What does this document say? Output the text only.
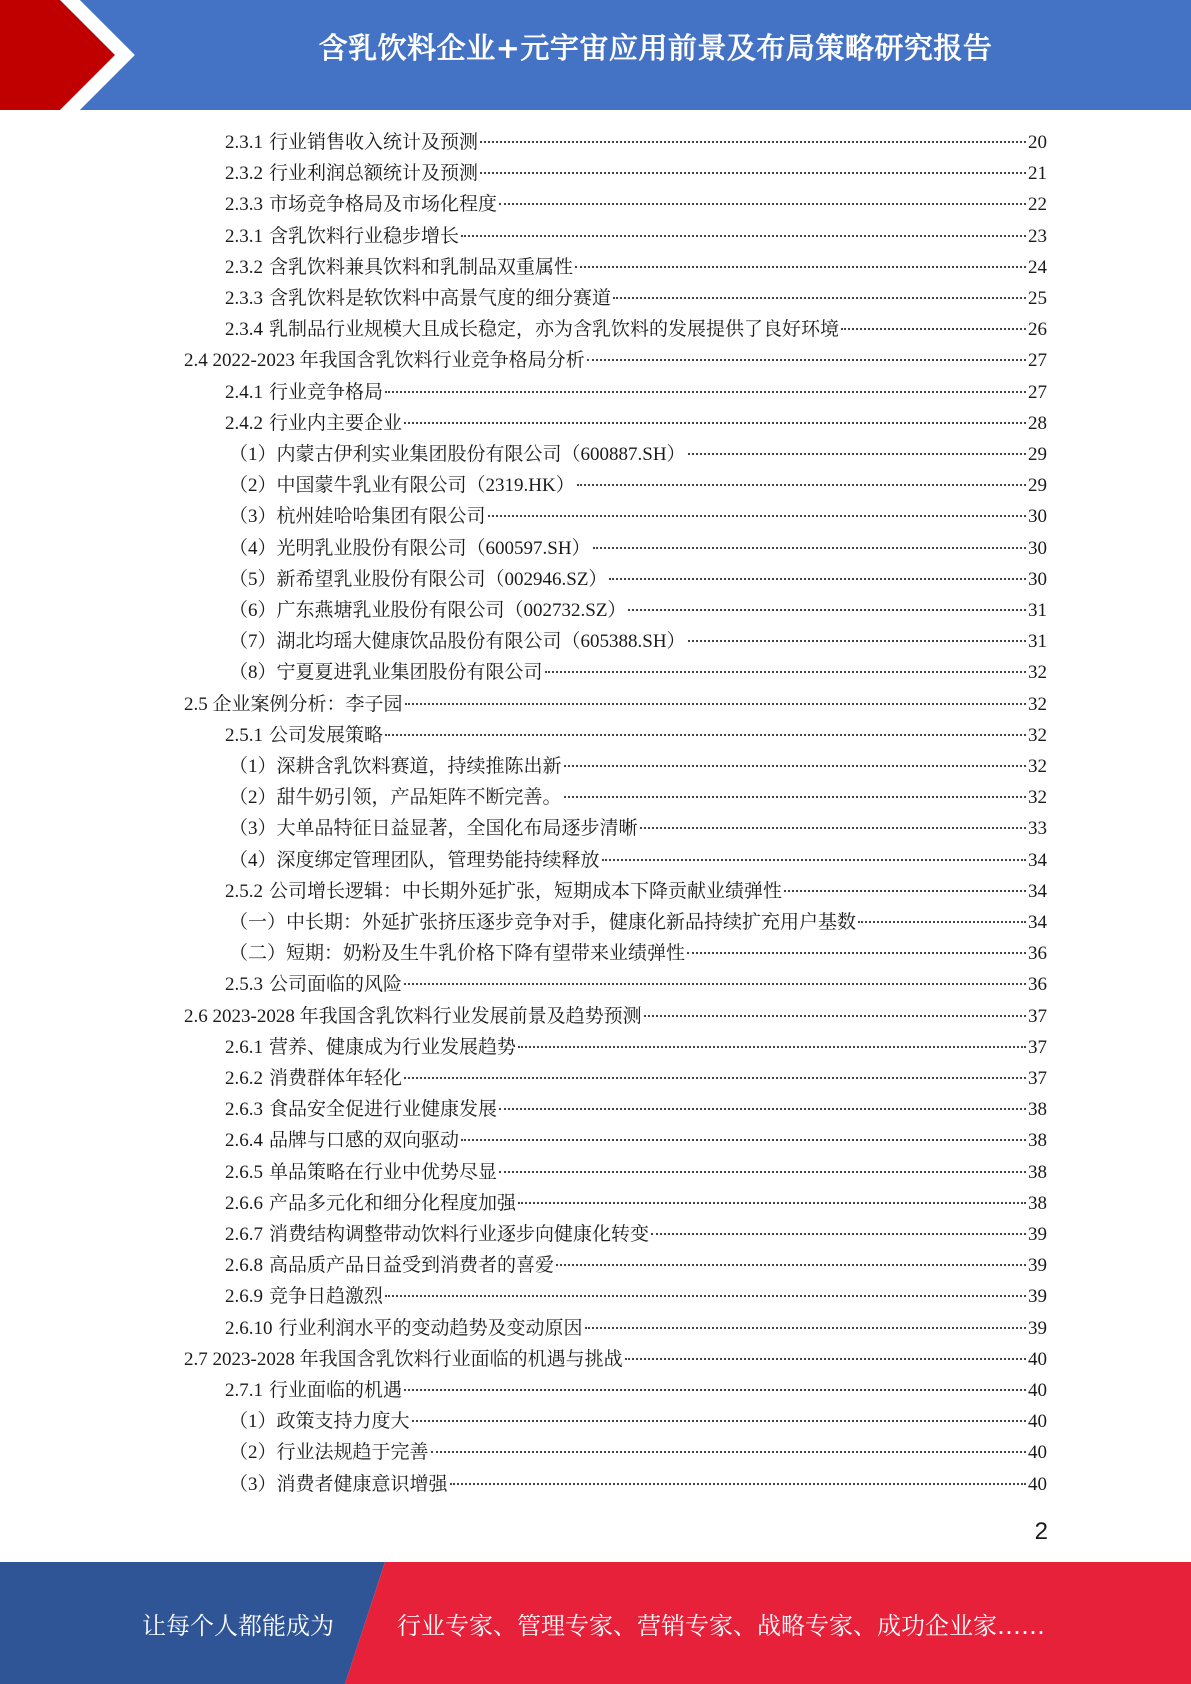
含乳饮料企业+元宇宙应用前景及布局策略研究报告
2.3.1 行业销售收入统计及预测	20
2.3.2 行业利润总额统计及预测	21
2.3.3 市场竞争格局及市场化程度	22
2.3.1 含乳饮料行业稳步增长	23
2.3.2 含乳饮料兼具饮料和乳制品双重属性	24
2.3.3 含乳饮料是软饮料中高景气度的细分赛道	25
2.3.4 乳制品行业规模大且成长稳定，亦为含乳饮料的发展提供了良好环境	26
2.4 2022-2023 年我国含乳饮料行业竞争格局分析	27
2.4.1 行业竞争格局	27
2.4.2 行业内主要企业	28
（1）内蒙古伊利实业集团股份有限公司（600887.SH）	29
（2）中国蒙牛乳业有限公司（2319.HK）	29
（3）杭州娃哈哈集团有限公司	30
（4）光明乳业股份有限公司（600597.SH）	30
（5）新希望乳业股份有限公司（002946.SZ）	30
（6）广东燕塘乳业股份有限公司（002732.SZ）	31
（7）湖北均瑶大健康饮品股份有限公司（605388.SH）	31
（8）宁夏夏进乳业集团股份有限公司	32
2.5 企业案例分析：李子园	32
2.5.1 公司发展策略	32
（1）深耕含乳饮料赛道，持续推陈出新	32
（2）甜牛奶引领，产品矩阵不断完善。	32
（3）大单品特征日益显著，全国化布局逐步清晰	33
（4）深度绑定管理团队，管理势能持续释放	34
2.5.2 公司增长逻辑：中长期外延扩张，短期成本下降贡献业绩弹性	34
（一）中长期：外延扩张挤压逐步竞争对手，健康化新品持续扩充用户基数	34
（二）短期：奶粉及生牛乳价格下降有望带来业绩弹性	36
2.5.3 公司面临的风险	36
2.6 2023-2028 年我国含乳饮料行业发展前景及趋势预测	37
2.6.1 营养、健康成为行业发展趋势	37
2.6.2 消费群体年轻化	37
2.6.3 食品安全促进行业健康发展	38
2.6.4 品牌与口感的双向驱动	38
2.6.5 单品策略在行业中优势尽显	38
2.6.6 产品多元化和细分化程度加强	38
2.6.7 消费结构调整带动饮料行业逐步向健康化转变	39
2.6.8 高品质产品日益受到消费者的喜爱	39
2.6.9 竞争日趋激烈	39
2.6.10 行业利润水平的变动趋势及变动原因	39
2.7 2023-2028 年我国含乳饮料行业面临的机遇与挑战	40
2.7.1 行业面临的机遇	40
（1）政策支持力度大	40
（2）行业法规趋于完善	40
（3）消费者健康意识增强	40
2
让每个人都能成为	行业专家、管理专家、营销专家、战略专家、成功企业家……
